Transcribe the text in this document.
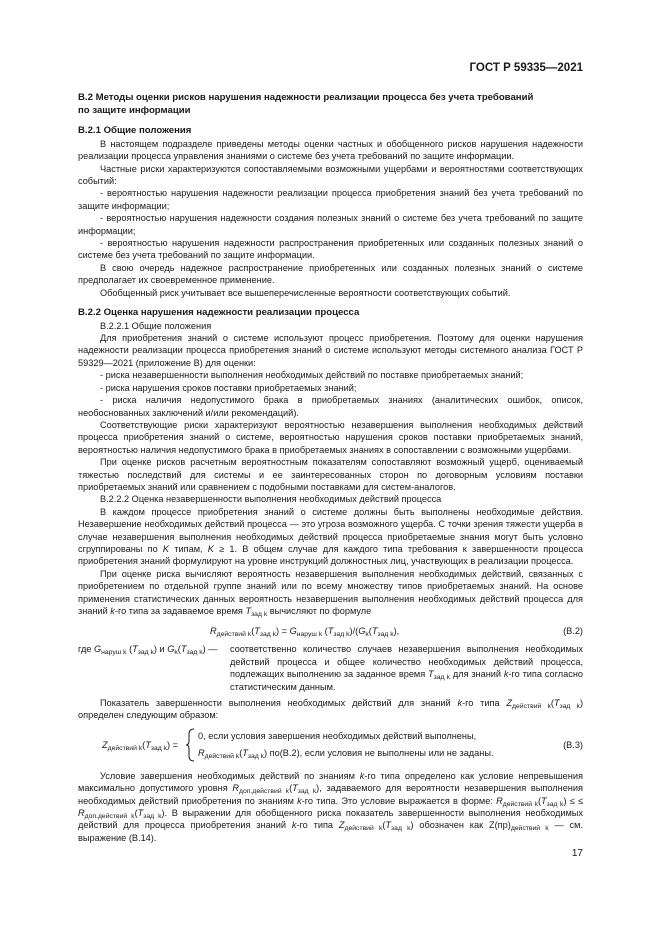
ГОСТ Р 59335—2021

В.2 Методы оценки рисков нарушения надежности реализации процесса без учета требований
по защите информации

В.2.1 Общие положения

В настоящем подразделе приведены методы оценки частных и обобщенного рисков нарушения надежности реализации процесса управления знаниями о системе без учета требований по защите информации.

Частные риски характеризуются сопоставляемыми возможными ущербами и вероятностями соответствующих событий:

- вероятностью нарушения надежности реализации процесса приобретения знаний без учета требований по защите информации;

- вероятностью нарушения надежности создания полезных знаний о системе без учета требований по защите информации;

- вероятностью нарушения надежности распространения приобретенных или созданных полезных знаний о системе без учета требований по защите информации.

В свою очередь надежное распространение приобретенных или созданных полезных знаний о системе предполагает их своевременное применение.

Обобщенный риск учитывает все вышеперечисленные вероятности соответствующих событий.

В.2.2 Оценка нарушения надежности реализации процесса

В.2.2.1 Общие положения

Для приобретения знаний о системе используют процесс приобретения. Поэтому для оценки нарушения надежности реализации процесса приобретения знаний о системе используют методы системного анализа ГОСТ Р 59329—2021 (приложение В) для оценки:

- риска незавершенности выполнения необходимых действий по поставке приобретаемых знаний;

- риска нарушения сроков поставки приобретаемых знаний;

- риска наличия недопустимого брака в приобретаемых знаниях (аналитических ошибок, описок, необоснованных заключений и/или рекомендаций).

Соответствующие риски характеризуют вероятностью незавершения выполнения необходимых действий процесса приобретения знаний о системе, вероятностью нарушения сроков поставки приобретаемых знаний, вероятностью наличия недопустимого брака в приобретаемых знаниях в сопоставлении с возможными ущербами.

При оценке рисков расчетным вероятностным показателям сопоставляют возможный ущерб, оцениваемый тяжестью последствий для системы и ее заинтересованных сторон по договорным условиям поставки приобретаемых знаний или сравнением с подобными поставками для систем-аналогов.

В.2.2.2 Оценка незавершенности выполнения необходимых действий процесса

В каждом процессе приобретения знаний о системе должны быть выполнены необходимые действия. Незавершение необходимых действий процесса — это угроза возможного ущерба. С точки зрения тяжести ущерба в случае незавершения выполнения необходимых действий процесса приобретаемые знания могут быть условно сгруппированы по K типам, K ≥ 1. В общем случае для каждого типа требования к завершенности процесса приобретения знаний формулируют на уровне инструкций должностных лиц, участвующих в реализации процесса.

При оценке риска вычисляют вероятность незавершения выполнения необходимых действий, связанных с приобретением по отдельной группе знаний или по всему множеству типов приобретаемых знаний. На основе применения статистических данных вероятность незавершения выполнения необходимых действий процесса для знаний k-го типа за задаваемое время $T_{зад k}$ вычисляют по формуле

$R_{действий k}(T_{зад k}) = G_{наруш k}$ $(T_{зад k})/(G_k(T_{зад k})$,	(В.2)
где $G_{наруш k}$ $(T_{зад k})$ и $G_k(T_{зад k})$ —	соответственно количество случаев незавершения выполнения необходимых действий процесса и общее количество необходимых действий процесса, подлежащих выполнению за заданное время $T_{зад k}$ для знаний k-го типа согласно статистическим данным.

Показатель завершенности выполнения необходимых действий для знаний k-го типа $Z_{действий k}(T_{зад k})$ определен следующим образом:

$Z_{действий k}(T_{зад k})$ =
0, если условия завершения необходимых действий выполнены,
$R_{действий k}(T_{зад k})$ по(В.2), если условия не выполнены или не заданы.
(В.3)

Условие завершения необходимых действий по знаниям k-го типа определено как условие непревышения максимально допустимого уровня $R_{доп.действий k}(T_{зад k})$, задаваемого для вероятности незавершения выполнения необходимых действий приобретения по знаниям k-го типа. Это условие выражается в форме: $R_{действий k}(T_{зад k})$ ≤ ≤ $R_{доп.действий k}(T_{зад k})$. В выражении для обобщенного риска показатель завершенности выполнения необходимых действий для процесса приобретения знаний k-го типа $Z_{действий k}(T_{зад k})$ обозначен как $Z(пр)_{действий k}$ — см. выражение (В.14).

17
